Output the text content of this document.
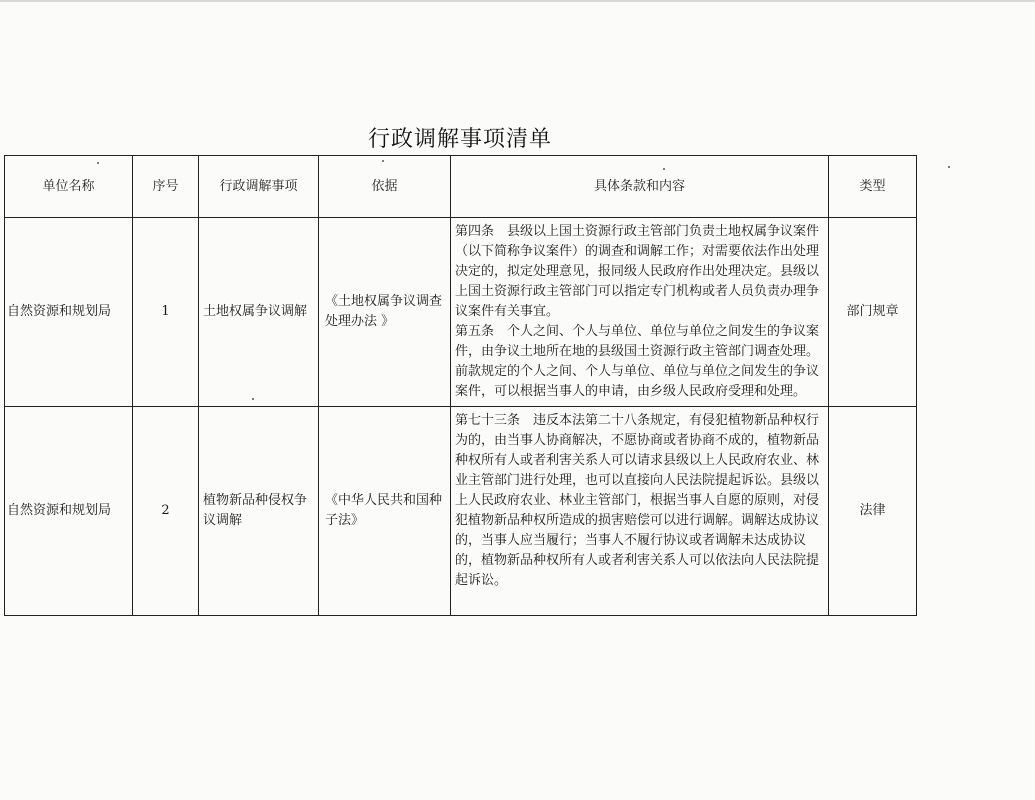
行政调解事项清单
单位名称	序号	行政调解事项	依据	具体条款和内容	类型
自然资源和规划局	1	土地权属争议调解	《土地权属争议调查处理办法 》	第四条　县级以上国土资源行政主管部门负责土地权属争议案件（以下简称争议案件）的调查和调解工作；对需要依法作出处理决定的，拟定处理意见，报同级人民政府作出处理决定。县级以上国土资源行政主管部门可以指定专门机构或者人员负责办理争议案件有关事宜。

第五条　个人之间、个人与单位、单位与单位之间发生的争议案件，由争议土地所在地的县级国土资源行政主管部门调查处理。 前款规定的个人之间、个人与单位、单位与单位之间发生的争议案件，可以根据当事人的申请，由乡级人民政府受理和处理。	部门规章
自然资源和规划局	2	植物新品种侵权争议调解	《中华人民共和国种子法》	第七十三条　违反本法第二十八条规定，有侵犯植物新品种权行为的，由当事人协商解决，不愿协商或者协商不成的，植物新品种权所有人或者利害关系人可以请求县级以上人民政府农业、林业主管部门进行处理，也可以直接向人民法院提起诉讼。县级以上人民政府农业、林业主管部门，根据当事人自愿的原则，对侵犯植物新品种权所造成的损害赔偿可以进行调解。调解达成协议的，当事人应当履行；当事人不履行协议或者调解未达成协议的，植物新品种权所有人或者利害关系人可以依法向人民法院提起诉讼。	法律
